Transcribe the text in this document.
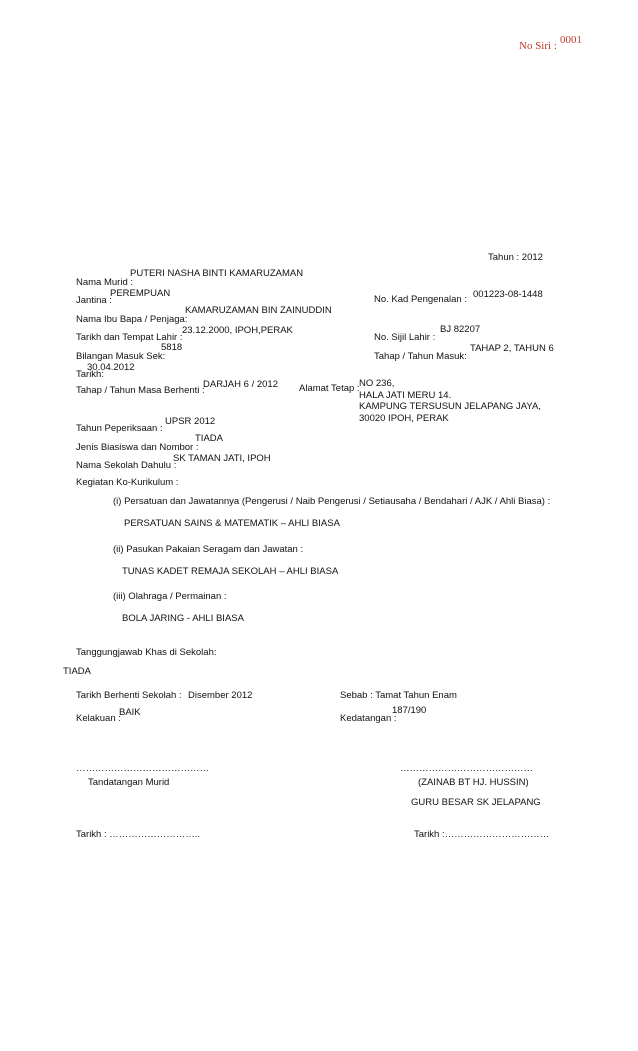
No Siri : 0001
Tahun : 2012
Nama Murid :
PUTERI NASHA BINTI KAMARUZAMAN
Jantina :
PEREMPUAN
No. Kad Pengenalan : 001223-08-1448
Nama Ibu Bapa / Penjaga:
KAMARUZAMAN BIN ZAINUDDIN
Tarikh dan Tempat Lahir :
23.12.2000, IPOH,PERAK
No. Sijil Lahir :
BJ 82207
Bilangan Masuk Sek:
5818
Tahap / Tahun Masuk:
TAHAP 2, TAHUN 6
Tarikh:
30.04.2012
Tahap / Tahun Masa Berhenti :
DARJAH 6 / 2012 Alamat Tetap : NO 236,
HALA JATI MERU 14.
KAMPUNG TERSUSUN JELAPANG JAYA,
30020 IPOH, PERAK
Tahun Peperiksaan :
UPSR 2012
Jenis Biasiswa dan Nombor :
TIADA
Nama Sekolah Dahulu :
SK TAMAN JATI, IPOH
Kegiatan Ko-Kurikulum :
(i) Persatuan dan Jawatannya (Pengerusi / Naib Pengerusi / Setiausaha / Bendahari / AJK / Ahli Biasa) :
PERSATUAN SAINS & MATEMATIK – AHLI BIASA
(ii) Pasukan Pakaian Seragam dan Jawatan :
TUNAS KADET REMAJA SEKOLAH – AHLI BIASA
(iii) Olahraga / Permainan :
BOLA JARING - AHLI BIASA
Tanggungjawab Khas di Sekolah:
TIADA
Tarikh Berhenti Sekolah : Disember 2012	Sebab : Tamat Tahun Enam
Kelakuan :
BAIK
Kedatangan :
187/190
……………………………………
Tandatangan Murid
……………………………………
(ZAINAB BT HJ. HUSSIN)
GURU BESAR SK JELAPANG
Tarikh : ………………………..	Tarikh :……………………………
